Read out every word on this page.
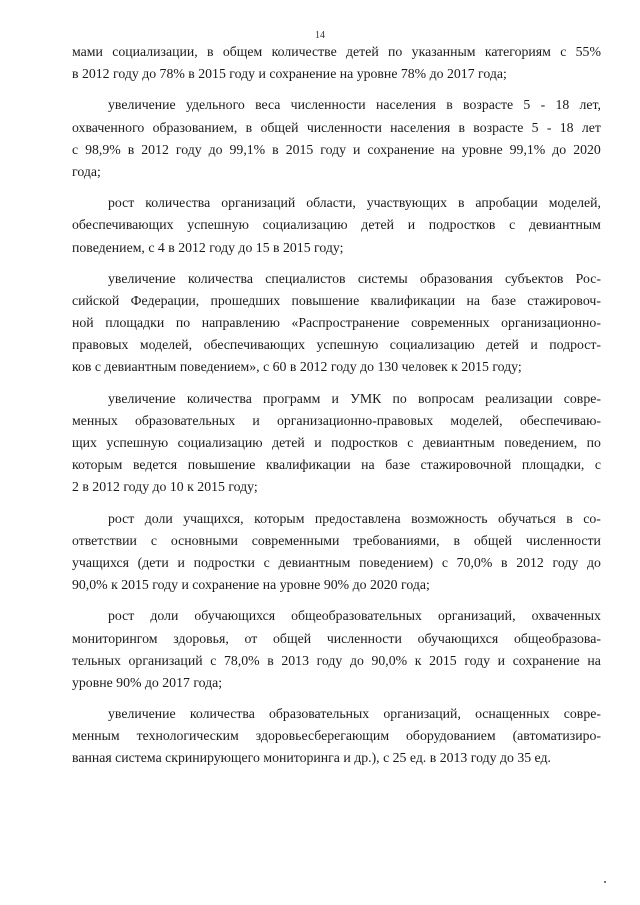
14
мами социализации, в общем количестве детей по указанным категориям с 55%
в 2012 году до 78% в 2015 году и сохранение на уровне 78% до 2017 года;
увеличение удельного веса численности населения в возрасте 5 - 18 лет,
охваченного образованием, в общей численности населения в возрасте 5 - 18 лет
с 98,9% в 2012 году до 99,1% в 2015 году и сохранение на уровне 99,1% до 2020
года;
рост количества организаций области, участвующих в апробации моделей,
обеспечивающих успешную социализацию детей и подростков с девиантным
поведением, с 4 в 2012 году до 15 в 2015 году;
увеличение количества специалистов системы образования субъектов Рос-
сийской Федерации, прошедших повышение квалификации на базе стажировоч-
ной площадки по направлению «Распространение современных организационно-
правовых моделей, обеспечивающих успешную социализацию детей и подрост-
ков с девиантным поведением», с 60 в 2012 году до 130 человек к 2015 году;
увеличение количества программ и УМК по вопросам реализации совре-
менных образовательных и организационно-правовых моделей, обеспечиваю-
щих успешную социализацию детей и подростков с девиантным поведением, по
которым ведется повышение квалификации на базе стажировочной площадки, с
2 в 2012 году до 10 к 2015 году;
рост доли учащихся, которым предоставлена возможность обучаться в со-
ответствии с основными современными требованиями, в общей численности
учащихся (дети и подростки с девиантным поведением) с 70,0% в 2012 году до
90,0% к 2015 году и сохранение на уровне 90% до 2020 года;
рост доли обучающихся общеобразовательных организаций, охваченных
мониторингом здоровья, от общей численности обучающихся общеобразова-
тельных организаций с 78,0% в 2013 году до 90,0% к 2015 году и сохранение на
уровне 90% до 2017 года;
увеличение количества образовательных организаций, оснащенных совре-
менным технологическим здоровьесберегающим оборудованием (автоматизиро-
ванная система скринирующего мониторинга и др.), с 25 ед. в 2013 году до 35 ед.
